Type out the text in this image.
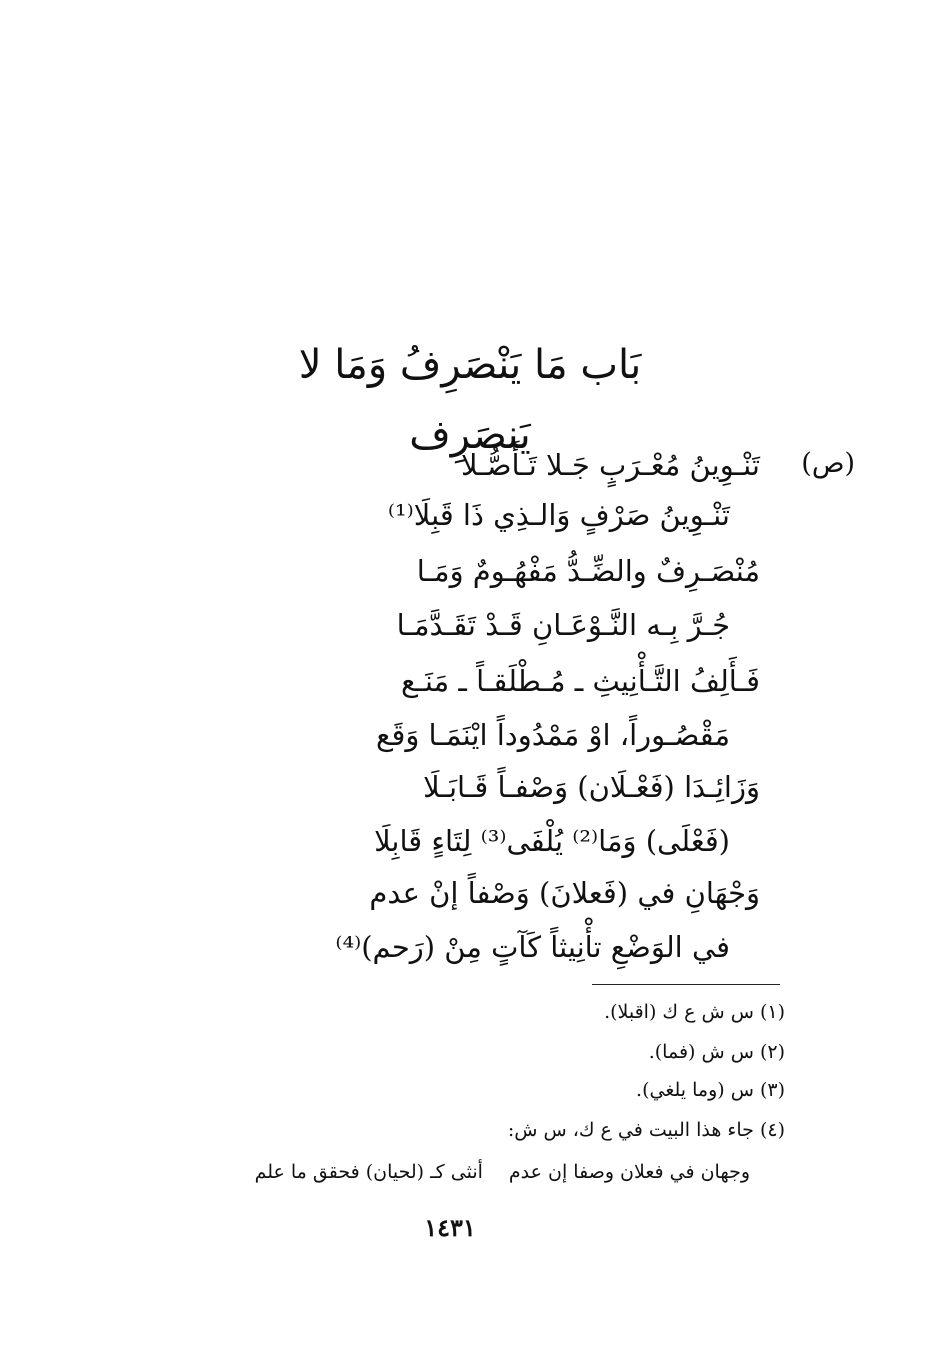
بَاب مَا يَنْصَرِفُ وَمَا لا يَنصَرِف
(ص)
تَنْـوِينُ مُعْـرَبٍ جَـلا تَـأَصُّـلا
تَنْـوِينُ صَرْفٍ وَالـذِي ذَا قَبِلَا⁽¹⁾
مُنْصَـرِفٌ والضِّـدُّ مَفْهُـومٌ وَمَـا
جُـرَّ بِـه النَّـوْعَـانِ قَـدْ تَقَـدَّمَـا
فَـأَلِفُ التَّـأْنِيثِ ـ مُـطْلَقـاً ـ مَنَـع
مَقْصُـوراً، اوْ مَمْدُوداً ايْنَمَـا وَقَع
وَزَائِـدَا (فَعْـلَان) وَصْفـاً قَـابَـلَا
(فَعْلَى) وَمَا⁽²⁾ يُلْفَى⁽³⁾ لِتَاءٍ قَابِلَا
وَجْهَانِ في (فَعلانَ) وَصْفاً إنْ عدم
في الوَضْعِ تأْنِيثاً كَآتٍ مِنْ (رَحم)⁽⁴⁾
(١) س ش ع ك (اقبلا).
(٢) س ش (فما).
(٣) س (وما يلغي).
(٤) جاء هذا البيت في ع ك، س ش:
وجهان في فعلان وصفا إن عدمأنثى كـ (لحيان) فحقق ما علم
١٤٣١
